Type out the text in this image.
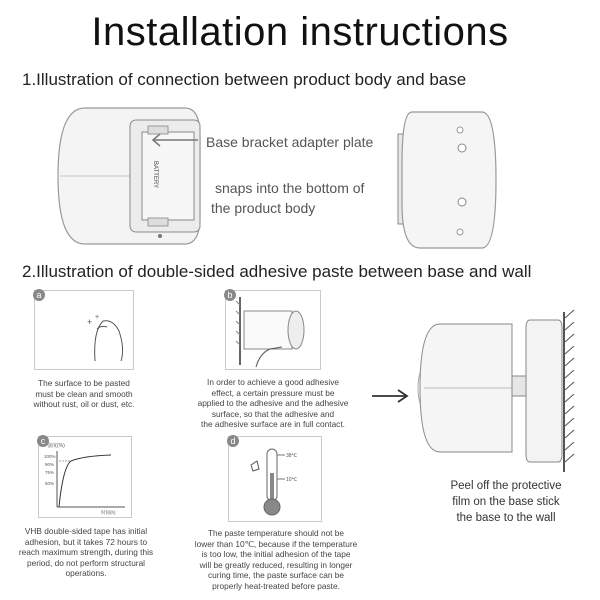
Installation instructions
1.Illustration of connection between product body and base
BATTERY
Base bracket adapter plate
snaps into the bottom of
the product body
2.Illustration of double-sided adhesive paste between base and wall
+ +
a
The surface to be pasted
must be clean and smooth
without rust, oil or dust, etc.
b
In order to achieve a good adhesive
effect, a certain pressure must be
applied to the adhesive and the adhesive
surface, so that the adhesive and
the adhesive surface are in full contact.
强度(%)
100%
90%
75%
50%
时间(h)
c
VHB double-sided tape has initial
adhesion, but it takes 72 hours to
reach maximum strength, during this
period, do not perform structural
operations.
38℃
10℃
d
The paste temperature should not be
lower than 10℃, because if the temperature
is too low, the initial adhesion of the tape
will be greatly reduced, resulting in longer
curing time, the paste surface can be
properly heat-treated before paste.
Peel off the protective
film on the base stick
the base to the wall
